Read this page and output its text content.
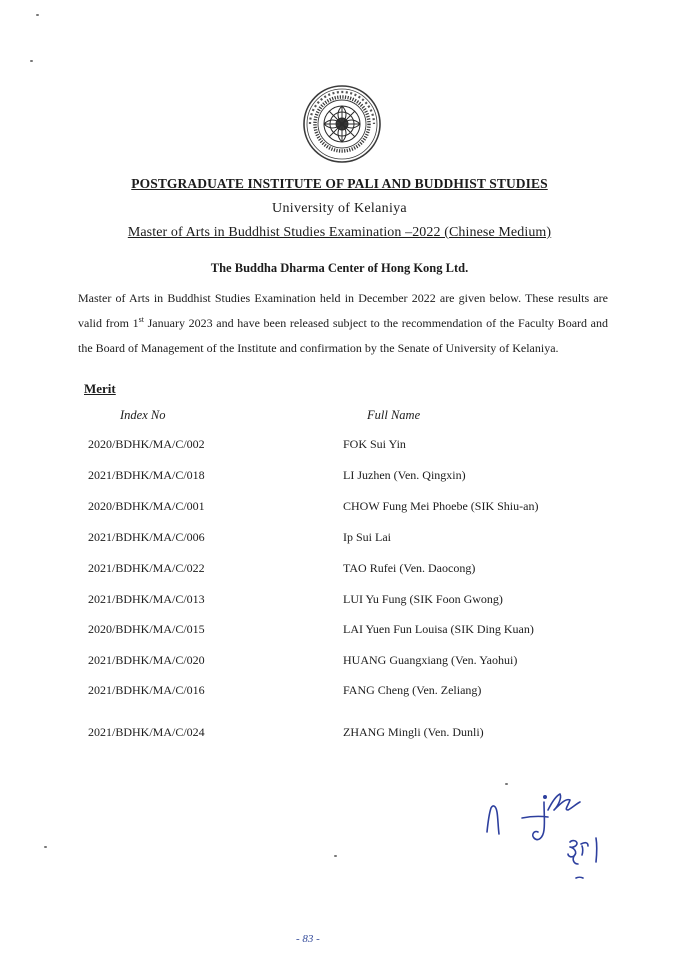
POSTGRADUATE INSTITUTE OF PALI AND BUDDHIST STUDIES
University of Kelaniya
Master of Arts in Buddhist Studies Examination –2022 (Chinese Medium)
The Buddha Dharma Center of Hong Kong Ltd.

Master of Arts in Buddhist Studies Examination held in December 2022 are given below. These results are valid from 1st January 2023 and have been released subject to the recommendation of the Faculty Board and the Board of Management of the Institute and confirmation by the Senate of University of Kelaniya.

Merit
Index No	Full Name
2020/BDHK/MA/C/002	FOK Sui Yin
2021/BDHK/MA/C/018	LI Juzhen (Ven. Qingxin)
2020/BDHK/MA/C/001	CHOW Fung Mei Phoebe (SIK Shiu-an)
2021/BDHK/MA/C/006	Ip Sui Lai
2021/BDHK/MA/C/022	TAO Rufei (Ven. Daocong)
2021/BDHK/MA/C/013	LUI Yu Fung (SIK Foon Gwong)
2020/BDHK/MA/C/015	LAI Yuen Fun Louisa (SIK Ding Kuan)
2021/BDHK/MA/C/020	HUANG Guangxiang (Ven. Yaohui)
2021/BDHK/MA/C/016	FANG Cheng (Ven. Zeliang)
2021/BDHK/MA/C/024	ZHANG Mingli (Ven. Dunli)
- 83 -
